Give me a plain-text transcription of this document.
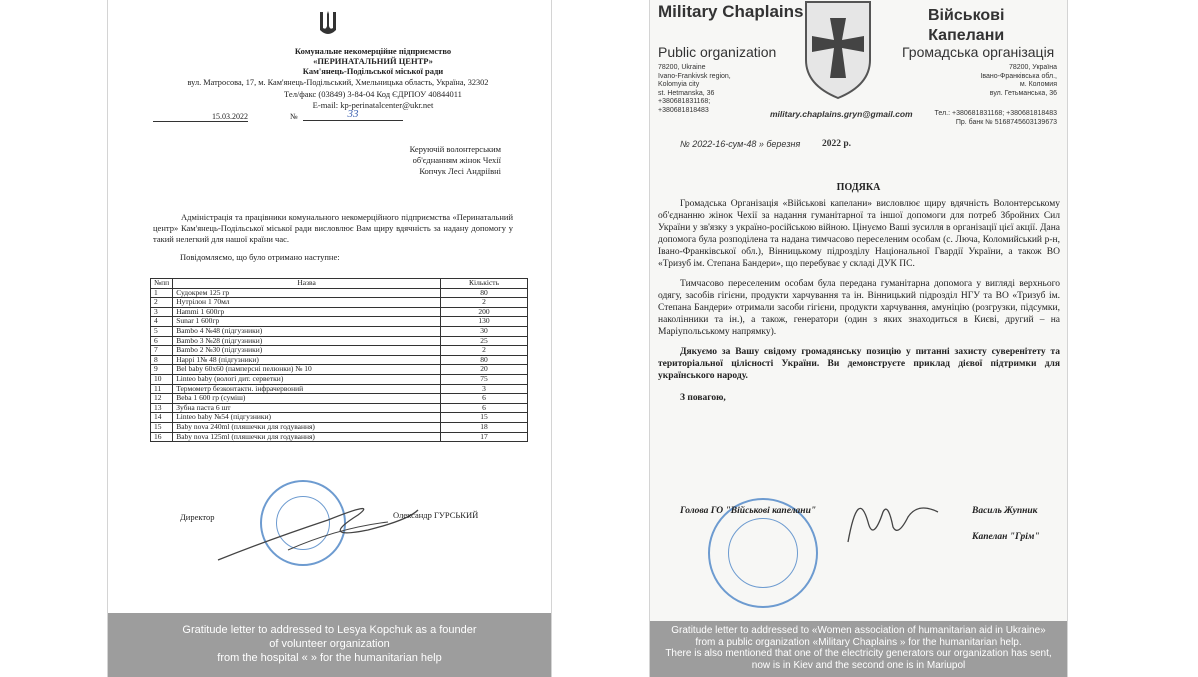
Комунальне некомерційне підприємство
«ПЕРИНАТАЛЬНИЙ ЦЕНТР»
Кам'янець-Подільської міської ради
вул. Матросова, 17, м. Кам'янець-Подільський, Хмельницька область, Україна, 32302
Тел/факс (03849) 3-84-04 Код ЄДРПОУ 40844011
E-mail: kp-perinatalcenter@ukr.net
15.03.2022	№	33
Керуючій волонтерським
об'єднанням жінок Чехії
Копчук Лесі Андріївні
Адміністрація та працівники комунального некомерційного підприємства «Перинатальний центр» Кам'янець-Подільської міської ради висловлює Вам щиру вдячність за надану допомогу у такий нелегкий для нашої країни час.
Повідомляємо, що було отримано наступне:
№пп	Назва	Кількість
1	Судокрем 125 гр	80
2	Нутрілон 1 70мл	2
3	Hammi 1 600гр	200
4	Sunar 1 600гр	130
5	Bambo 4 №48 (підгузники)	30
6	Bambo 3 №28 (підгузники)	25
7	Bambo 2 №30 (підгузники)	2
8	Happi 1№ 48 (підгузники)	80
9	Bel baby 60х60 (памперсні пелюнки) № 10	20
10	Linteo baby (вологі дит. серветки)	75
11	Термометр безконтактн. інфрачервоний	3
12	Beba 1 600 гр (суміш)	6
13	Зубна паста 6 шт	6
14	Linteo baby №54 (підгузники)	15
15	Baby nova 240ml (пляшечки для годування)	18
16	Baby nova 125ml (пляшечки для годування)	17
Директор	Олександр ГУРСЬКИЙ
Gratitude letter to addressed to Lesya Kopchuk as a founder
of volunteer organization
from the hospital « » for the humanitarian help
Military Chaplains	Військові
Капелани
Public organization	Громадська організація
78200, Ukraine
Ivano-Frankivsk region,
Kolomyia city
st. Hetmanska, 36
+380681831168;
+380681818483
78200, Україна
Івано-Франківська обл.,
м. Коломия
вул. Гетьманська, 36
military.chaplains.gryn@gmail.com	Тел.: +380681831168; +380681818483
Пр. банк № 5168745603139673
№ 2022-16-сум-48 » березня 2022 р.
ПОДЯКА

Громадська Організація «Військові капелани» висловлює щиру вдячність Волонтерському об'єднанню жінок Чехії за надання гуманітарної та іншої допомоги для потреб Збройних Сил України у зв'язку з україно-російською війною. Цінуємо Ваші зусилля в організації цієї акції. Дана допомога була розподілена та надана тимчасово переселеним особам (с. Люча, Коломийський р-н, Івано-Франківської обл.), Вінницькому підрозділу Національної Гвардії України, а також ВО «Тризуб ім. Степана Бандери», що перебуває у складі ДУК ПС.

Тимчасово переселеним особам була передана гуманітарна допомога у вигляді верхнього одягу, засобів гігієни, продукти харчування та ін. Вінницький підрозділ НГУ та ВО «Тризуб ім. Степана Бандери» отримали засоби гігієни, продукти харчування, амуніцію (розгрузки, підсумки, наколінники та ін.), а також, генератори (один з яких знаходиться в Києві, другий – на Маріупольському напрямку).

Дякуємо за Вашу свідому громадянську позицію у питанні захисту суверенітету та територіальної цілісності України. Ви демонструєте приклад дієвої підтримки для українського народу.

З повагою,

Голова ГО "Військові капелани"	Василь Жупник
Капелан "Грім"
Gratitude letter to addressed to «Women association of humanitarian aid in Ukraine»
from a public organization «Military Chaplains » for the humanitarian help.
There is also mentioned that one of the electricity generators our organization has sent,
now is in Kiev and the second one is in Mariupol
